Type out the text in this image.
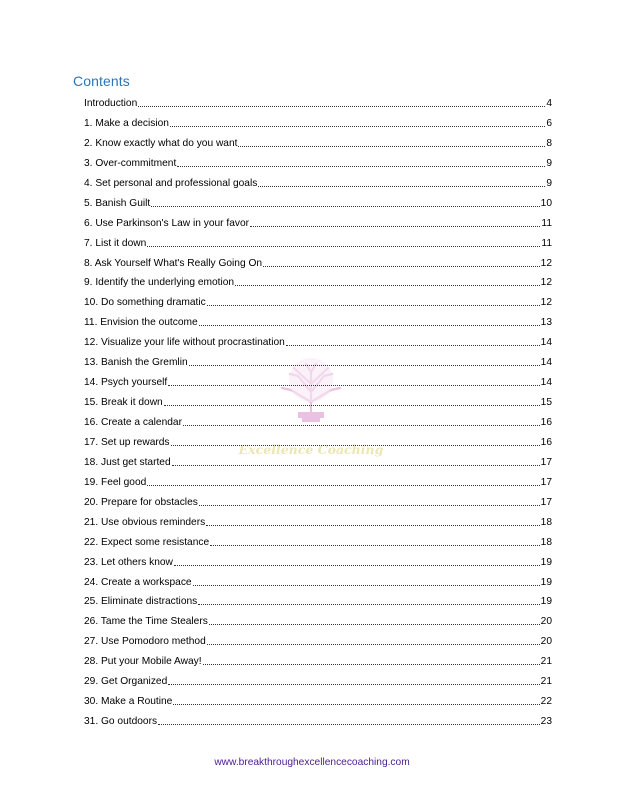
Contents
Excellence Coaching
Introduction	4
1. Make a decision	6
2. Know exactly what do you want	8
3. Over-commitment	9
4. Set personal and professional goals	9
5. Banish Guilt	10
6. Use Parkinson's Law in your favor	11
7. List it down	11
8. Ask Yourself What's Really Going On	12
9. Identify the underlying emotion	12
10. Do something dramatic	12
11. Envision the outcome	13
12. Visualize your life without procrastination	14
13. Banish the Gremlin	14
14. Psych yourself	14
15. Break it down	15
16. Create a calendar	16
17. Set up rewards	16
18. Just get started	17
19. Feel good	17
20. Prepare for obstacles	17
21. Use obvious reminders	18
22. Expect some resistance	18
23. Let others know	19
24. Create a workspace	19
25. Eliminate distractions	19
26. Tame the Time Stealers	20
27. Use Pomodoro method	20
28. Put your Mobile Away!	21
29. Get Organized	21
30. Make a Routine	22
31. Go outdoors	23
www.breakthroughexcellencecoaching.com
